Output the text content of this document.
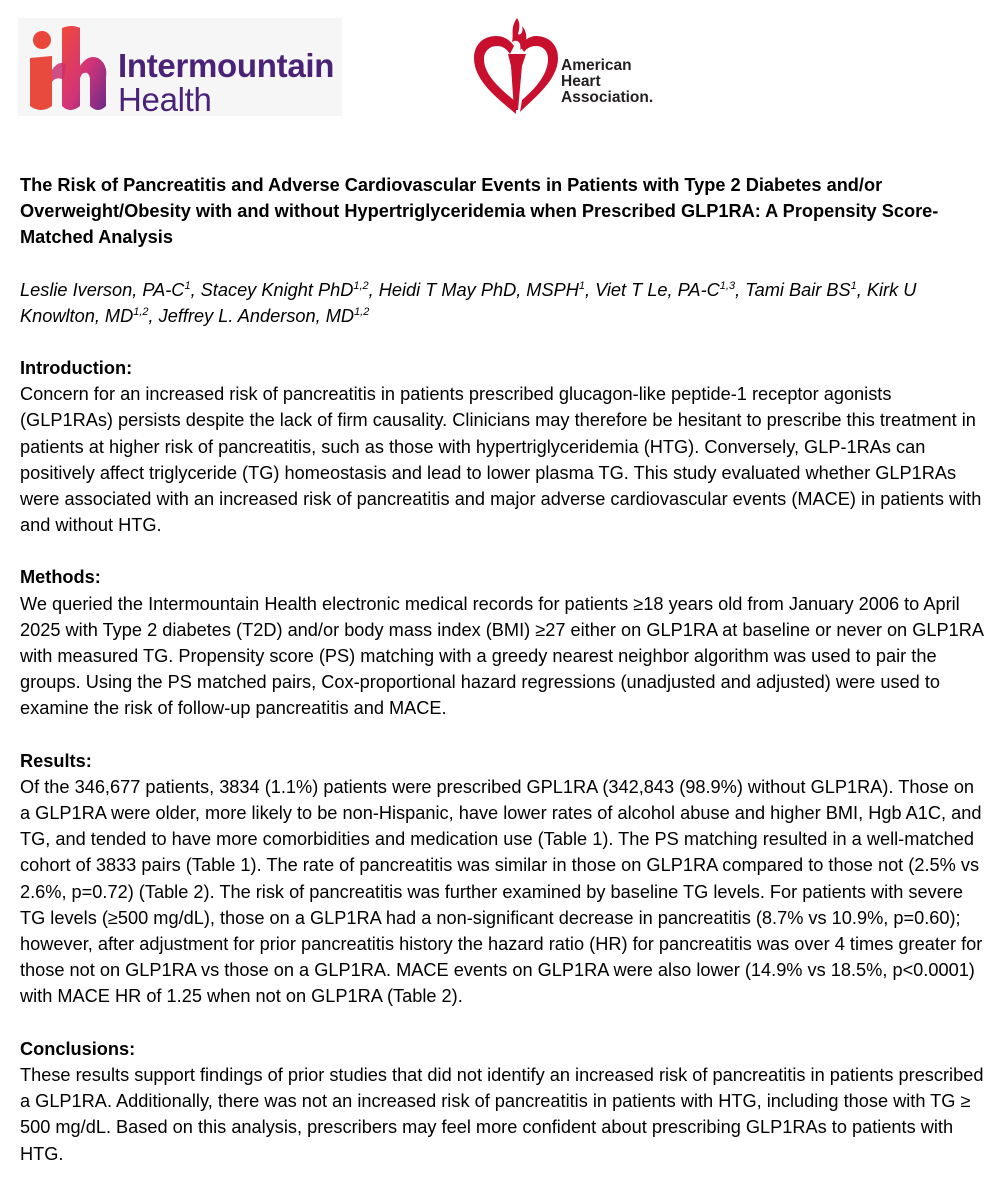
Intermountain
Health
American
Heart
Association.
The Risk of Pancreatitis and Adverse Cardiovascular Events in Patients with Type 2 Diabetes and/or Overweight/Obesity with and without Hypertriglyceridemia when Prescribed GLP1RA: A Propensity Score-Matched Analysis
Leslie Iverson, $PA-C^1$, Stacey Knight PhD$^{1,2}$, Heidi T May PhD, MSPH$^1$, Viet T Le, $PA-C^{1,3}$, Tami Bair $BS^1$, Kirk U Knowlton, MD$^{1,2}$, Jeffrey L. Anderson, MD$^{1,2}$
Introduction:

Concern for an increased risk of pancreatitis in patients prescribed glucagon-like peptide-1 receptor agonists (GLP1RAs) persists despite the lack of firm causality. Clinicians may therefore be hesitant to prescribe this treatment in patients at higher risk of pancreatitis, such as those with hypertriglyceridemia (HTG). Conversely, GLP-1RAs can positively affect triglyceride (TG) homeostasis and lead to lower plasma TG. This study evaluated whether GLP1RAs were associated with an increased risk of pancreatitis and major adverse cardiovascular events (MACE) in patients with and without HTG.

Methods:

We queried the Intermountain Health electronic medical records for patients ≥18 years old from January 2006 to April 2025 with Type 2 diabetes (T2D) and/or body mass index (BMI) ≥27 either on GLP1RA at baseline or never on GLP1RA with measured TG. Propensity score (PS) matching with a greedy nearest neighbor algorithm was used to pair the groups. Using the PS matched pairs, Cox-proportional hazard regressions (unadjusted and adjusted) were used to examine the risk of follow-up pancreatitis and MACE.

Results:

Of the 346,677 patients, 3834 (1.1%) patients were prescribed GPL1RA (342,843 (98.9%) without GLP1RA). Those on a GLP1RA were older, more likely to be non-Hispanic, have lower rates of alcohol abuse and higher BMI, Hgb A1C, and TG, and tended to have more comorbidities and medication use (Table 1). The PS matching resulted in a well-matched cohort of 3833 pairs (Table 1). The rate of pancreatitis was similar in those on GLP1RA compared to those not (2.5% vs 2.6%, p=0.72) (Table 2). The risk of pancreatitis was further examined by baseline TG levels. For patients with severe TG levels (≥500 mg/dL), those on a GLP1RA had a non-significant decrease in pancreatitis (8.7% vs 10.9%, p=0.60); however, after adjustment for prior pancreatitis history the hazard ratio (HR) for pancreatitis was over 4 times greater for those not on GLP1RA vs those on a GLP1RA. MACE events on GLP1RA were also lower (14.9% vs 18.5%, p<0.0001) with MACE HR of 1.25 when not on GLP1RA (Table 2).

Conclusions:

These results support findings of prior studies that did not identify an increased risk of pancreatitis in patients prescribed a GLP1RA. Additionally, there was not an increased risk of pancreatitis in patients with HTG, including those with TG ≥ 500 mg/dL. Based on this analysis, prescribers may feel more confident about prescribing GLP1RAs to patients with HTG.
